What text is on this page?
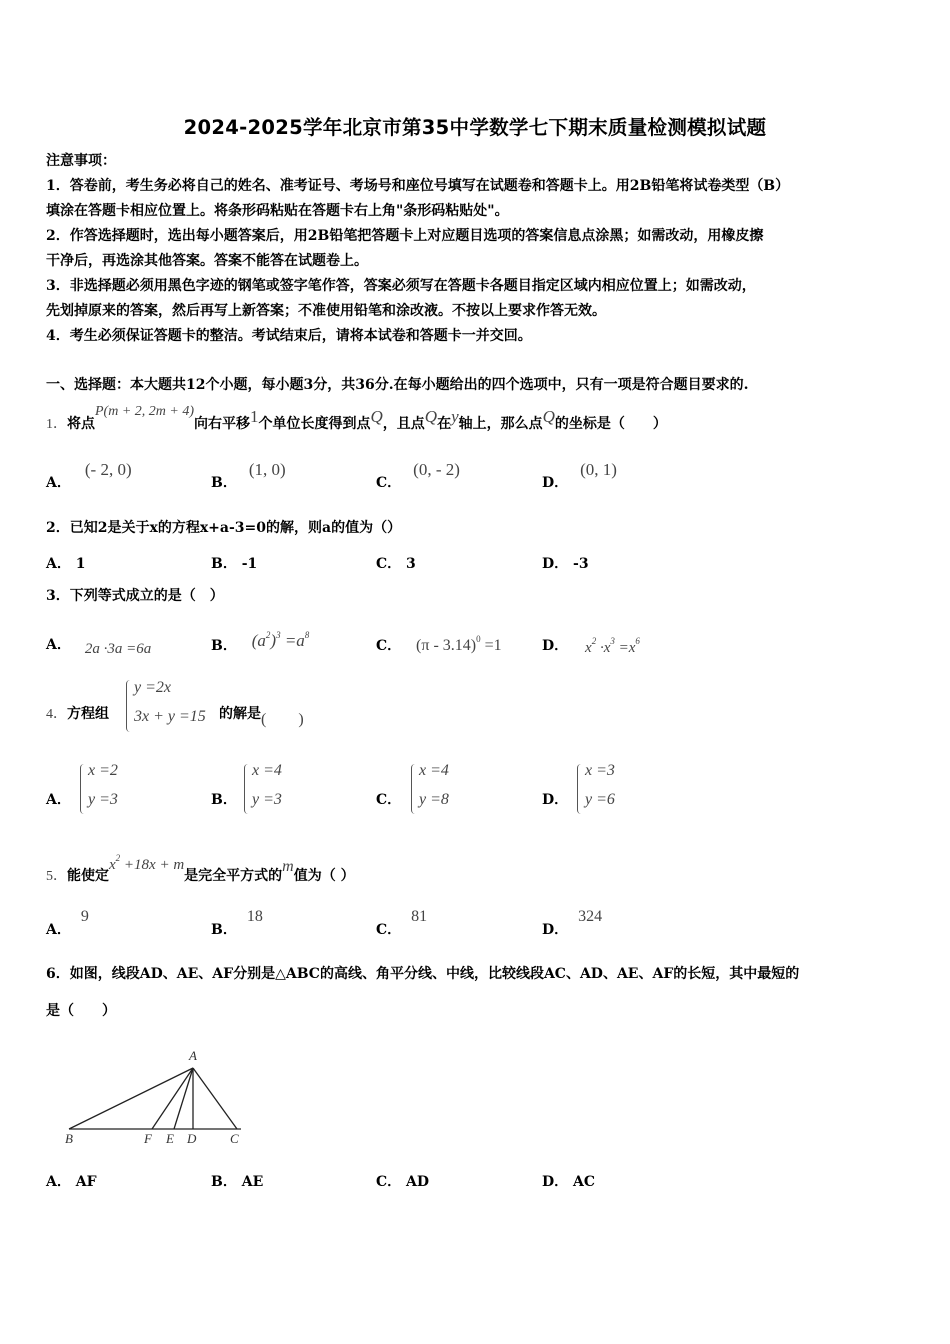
2024-2025学年北京市第35中学数学七下期末质量检测模拟试题
注意事项：
1．答卷前，考生务必将自己的姓名、准考证号、考场号和座位号填写在试题卷和答题卡上。用2B铅笔将试卷类型（B）
填涂在答题卡相应位置上。将条形码粘贴在答题卡右上角"条形码粘贴处"。
2．作答选择题时，选出每小题答案后，用2B铅笔把答题卡上对应题目选项的答案信息点涂黑；如需改动，用橡皮擦
干净后，再选涂其他答案。答案不能答在试题卷上。
3．非选择题必须用黑色字迹的钢笔或签字笔作答，答案必须写在答题卡各题目指定区域内相应位置上；如需改动，
先划掉原来的答案，然后再写上新答案；不准使用铅笔和涂改液。不按以上要求作答无效。
4．考生必须保证答题卡的整洁。考试结束后，请将本试卷和答题卡一并交回。
一、选择题：本大题共12个小题，每小题3分，共36分.在每小题给出的四个选项中，只有一项是符合题目要求的.
1．将点P(m + 2, 2m + 4)向右平移1个单位长度得到点Q，且点Q在y轴上，那么点Q的坐标是（　　）
A．(- 2, 0)
B．(1, 0)
C．(0, - 2)
D．(0, 1)
2．已知2是关于x的方程x+a-3=0的解，则a的值为（）
A． 1	B． -1	C． 3	D． -3
3．下列等式成立的是（　）
A． 2a ·3a =6a	B． $(a^2)^3 =a^8$
C． (π - 3.14)$^0$ =1	D． $x^2 \cdot x^3 =x^6$
4．方程组
y =2x
3x + y =15 的解是(　　)
A．
x =2
y =3	B．
x =4
y =3	C．
x =4
y =8	D．
x =3
y =6
5．能使定$x^2 +18x + m$是完全平方式的m值为（ ）
A．9
B．18
C．81
D．324
6．如图，线段AD、AE、AF分别是△ABC的高线、角平分线、中线，比较线段AC、AD、AE、AF的长短，其中最短的
是（　　）
A
B	F E D	C
A． AF	B． AE	C． AD	D． AC
